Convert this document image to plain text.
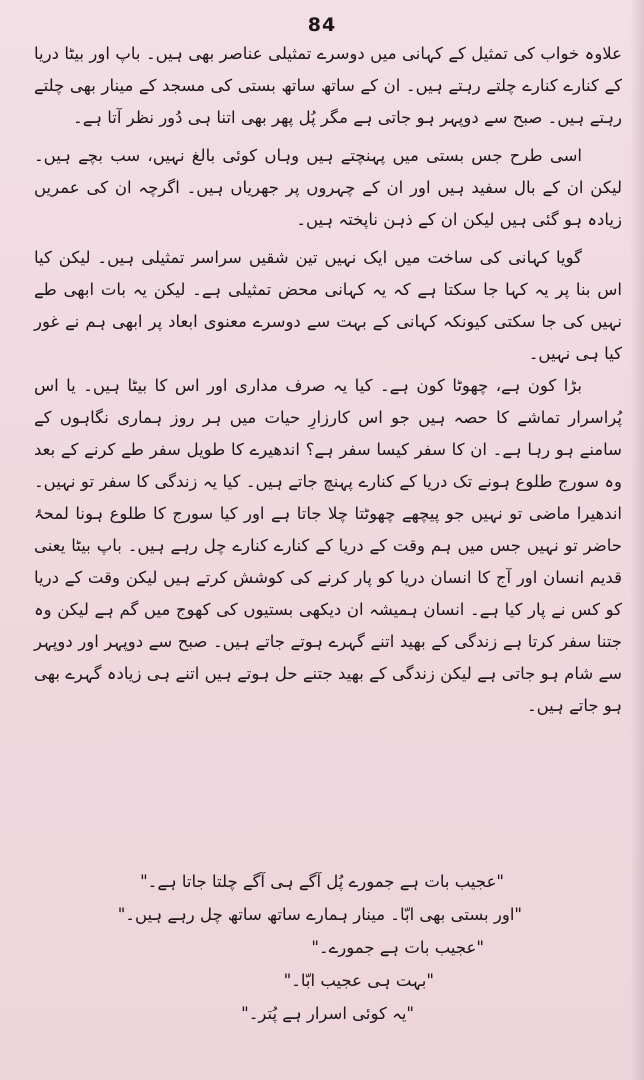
84

علاوہ خواب کی تمثیل کے کہانی میں دوسرے تمثیلی عناصر بھی ہیں۔ باپ اور بیٹا دریا کے کنارے کنارے چلتے رہتے ہیں۔ ان کے ساتھ ساتھ بستی کی مسجد کے مینار بھی چلتے رہتے ہیں۔ صبح سے دوپہر ہو جاتی ہے مگر پُل پھر بھی اتنا ہی دُور نظر آتا ہے۔

اسی طرح جس بستی میں پہنچتے ہیں وہاں کوئی بالغ نہیں، سب بچے ہیں۔ لیکن ان کے بال سفید ہیں اور ان کے چہروں پر جھریاں ہیں۔ اگرچہ ان کی عمریں زیادہ ہو گئی ہیں لیکن ان کے ذہن ناپختہ ہیں۔

گویا کہانی کی ساخت میں ایک نہیں تین شقیں سراسر تمثیلی ہیں۔ لیکن کیا اس بنا پر یہ کہا جا سکتا ہے کہ یہ کہانی محض تمثیلی ہے۔ لیکن یہ بات ابھی طے نہیں کی جا سکتی کیونکہ کہانی کے بہت سے دوسرے معنوی ابعاد پر ابھی ہم نے غور کیا ہی نہیں۔

بڑا کون ہے، چھوٹا کون ہے۔ کیا یہ صرف مداری اور اس کا بیٹا ہیں۔ یا اس پُراسرار تماشے کا حصہ ہیں جو اس کارزارِ حیات میں ہر روز ہماری نگاہوں کے سامنے ہو رہا ہے۔ ان کا سفر کیسا سفر ہے؟ اندھیرے کا طویل سفر طے کرنے کے بعد وہ سورج طلوع ہونے تک دریا کے کنارے پہنچ جاتے ہیں۔ کیا یہ زندگی کا سفر تو نہیں۔ اندھیرا ماضی تو نہیں جو پیچھے چھوٹتا چلا جاتا ہے اور کیا سورج کا طلوع ہونا لمحۂ حاضر تو نہیں جس میں ہم وقت کے دریا کے کنارے کنارے چل رہے ہیں۔ باپ بیٹا یعنی قدیم انسان اور آج کا انسان دریا کو پار کرنے کی کوشش کرتے ہیں لیکن وقت کے دریا کو کس نے پار کیا ہے۔ انسان ہمیشہ ان دیکھی بستیوں کی کھوج میں گم ہے لیکن وہ جتنا سفر کرتا ہے زندگی کے بھید اتنے گہرے ہوتے جاتے ہیں۔ صبح سے دوپہر اور دوپہر سے شام ہو جاتی ہے لیکن زندگی کے بھید جتنے حل ہوتے ہیں اتنے ہی زیادہ گہرے بھی ہو جاتے ہیں۔

"عجیب بات ہے جمورے پُل آگے ہی آگے چلتا جاتا ہے۔"
"اور بستی بھی ابّا۔ مینار ہمارے ساتھ ساتھ چل رہے ہیں۔"
"عجیب بات ہے جمورے۔"
"بہت ہی عجیب ابّا۔"
"یہ کوئی اسرار ہے پُتر۔"
